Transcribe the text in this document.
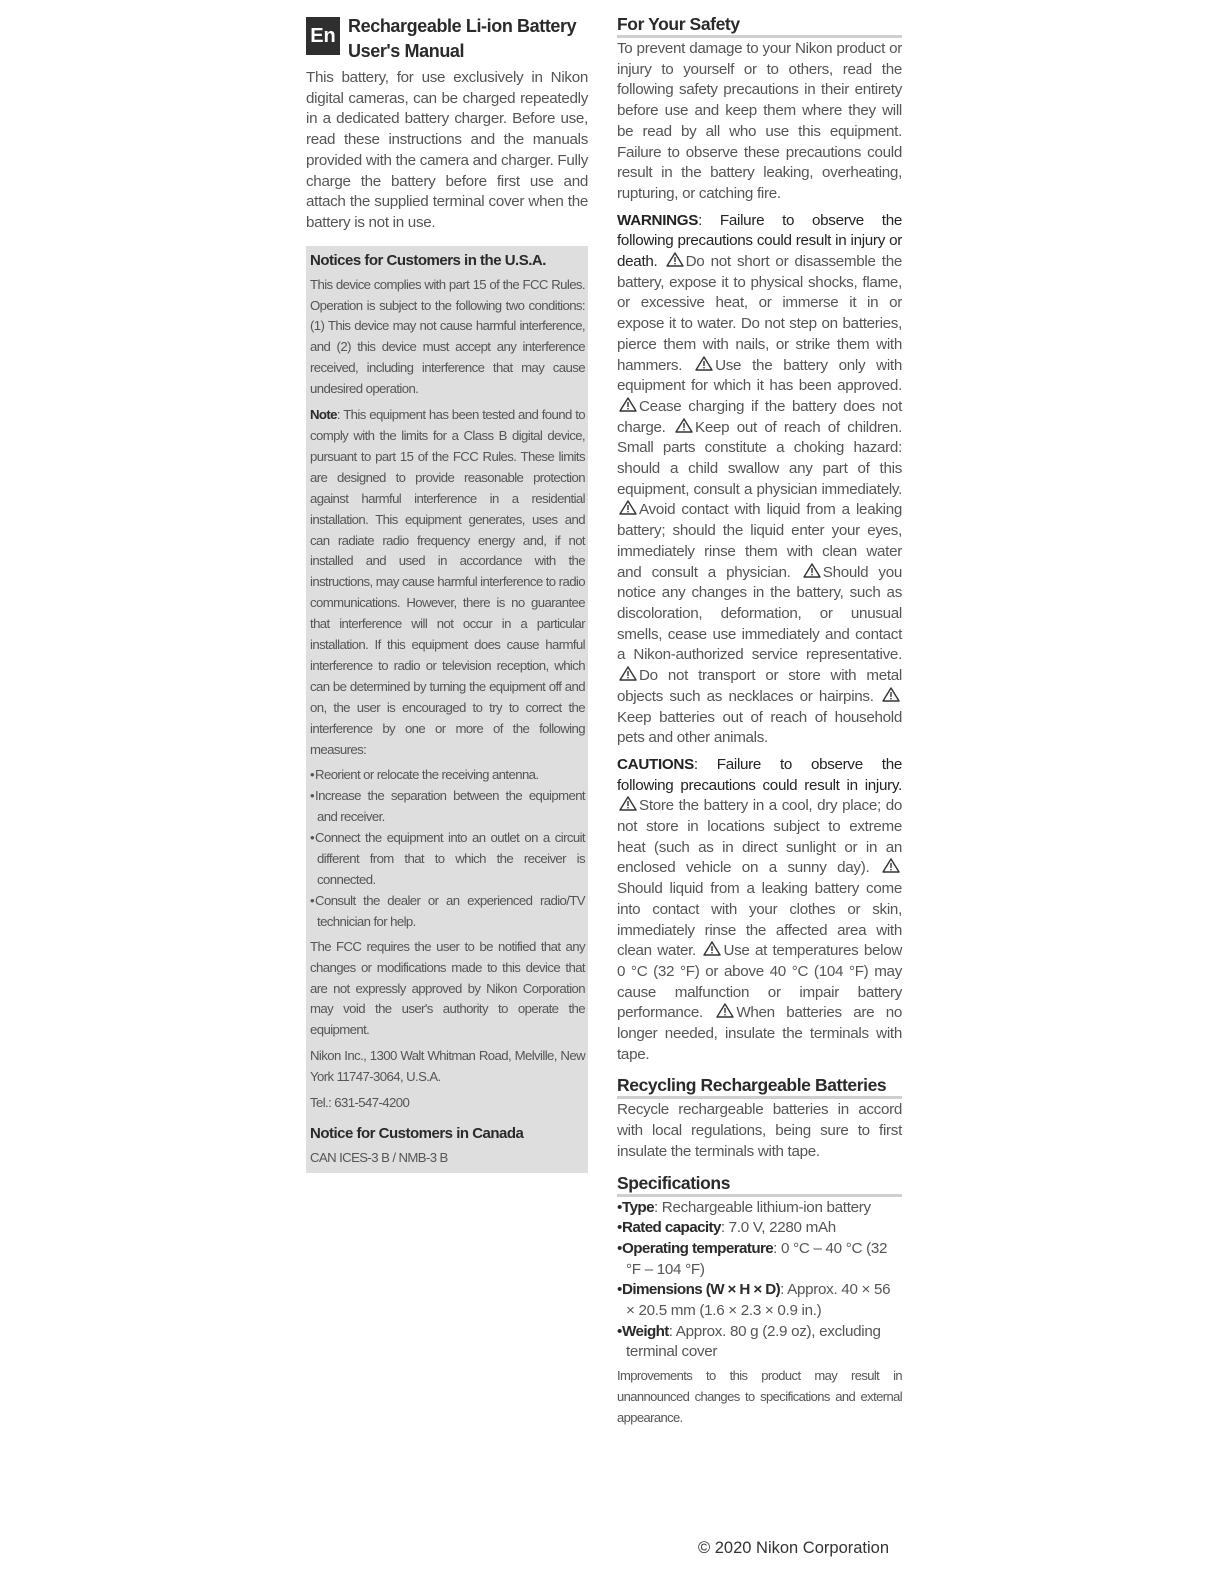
En Rechargeable Li-ion Battery
User's Manual

This battery, for use exclusively in Nikon digital cameras, can be charged repeatedly in a dedicated battery charger. Before use, read these instructions and the manuals provided with the camera and charger. Fully charge the battery before first use and attach the supplied terminal cover when the battery is not in use.

Notices for Customers in the U.S.A.

This device complies with part 15 of the FCC Rules. Operation is subject to the following two conditions: (1) This device may not cause harmful interference, and (2) this device must accept any interference received, including interference that may cause undesired operation.

Note: This equipment has been tested and found to comply with the limits for a Class B digital device, pursuant to part 15 of the FCC Rules. These limits are designed to provide reasonable protection against harmful interference in a residential installation. This equipment generates, uses and can radiate radio frequency energy and, if not installed and used in accordance with the instructions, may cause harmful interference to radio communications. However, there is no guarantee that interference will not occur in a particular installation. If this equipment does cause harmful interference to radio or television reception, which can be determined by turning the equipment off and on, the user is encouraged to try to correct the interference by one or more of the following measures:

• Reorient or relocate the receiving antenna.
• Increase the separation between the equipment and receiver.
• Connect the equipment into an outlet on a circuit different from that to which the receiver is connected.
• Consult the dealer or an experienced radio/TV technician for help.

The FCC requires the user to be notified that any changes or modifications made to this device that are not expressly approved by Nikon Corporation may void the user's authority to operate the equipment.

Nikon Inc., 1300 Walt Whitman Road, Melville, New York 11747-3064, U.S.A.

Tel.: 631-547-4200

Notice for Customers in Canada

CAN ICES-3 B / NMB-3 B

For Your Safety

To prevent damage to your Nikon product or injury to yourself or to others, read the following safety precautions in their entirety before use and keep them where they will be read by all who use this equipment. Failure to observe these precautions could result in the battery leaking, overheating, rupturing, or catching fire.

WARNINGS: Failure to observe the following precautions could result in injury or death. Do not short or disassemble the battery, expose it to physical shocks, flame, or excessive heat, or immerse it in or expose it to water. Do not step on batteries, pierce them with nails, or strike them with hammers. Use the battery only with equipment for which it has been approved.
Cease charging if the battery does not charge. Keep out of reach of children. Small parts constitute a choking hazard: should a child swallow any part of this equipment, consult a physician immediately.
Avoid contact with liquid from a leaking battery; should the liquid enter your eyes, immediately rinse them with clean water and consult a physician. Should you notice any changes in the battery, such as discoloration, deformation, or unusual smells, cease use immediately and contact a Nikon-authorized service representative.
Do not transport or store with metal objects such as necklaces or hairpins.
Keep batteries out of reach of household pets and other animals.

CAUTIONS: Failure to observe the following precautions could result in injury.
Store the battery in a cool, dry place; do not store in locations subject to extreme heat (such as in direct sunlight or in an enclosed vehicle on a sunny day).
Should liquid from a leaking battery come into contact with your clothes or skin, immediately rinse the affected area with clean water. Use at temperatures below 0 °C (32 °F) or above 40 °C (104 °F) may cause malfunction or impair battery performance. When batteries are no longer needed, insulate the terminals with tape.

Recycling Rechargeable Batteries

Recycle rechargeable batteries in accord with local regulations, being sure to first insulate the terminals with tape.

Specifications
• Type: Rechargeable lithium-ion battery
• Rated capacity: 7.0 V, 2280 mAh
• Operating temperature: 0 °C – 40 °C (32 °F – 104 °F)
• Dimensions (W × H × D): Approx. 40 × 56 × 20.5 mm (1.6 × 2.3 × 0.9 in.)
• Weight: Approx. 80 g (2.9 oz), excluding terminal cover

Improvements to this product may result in unannounced changes to specifications and external appearance.

© 2020 Nikon Corporation
